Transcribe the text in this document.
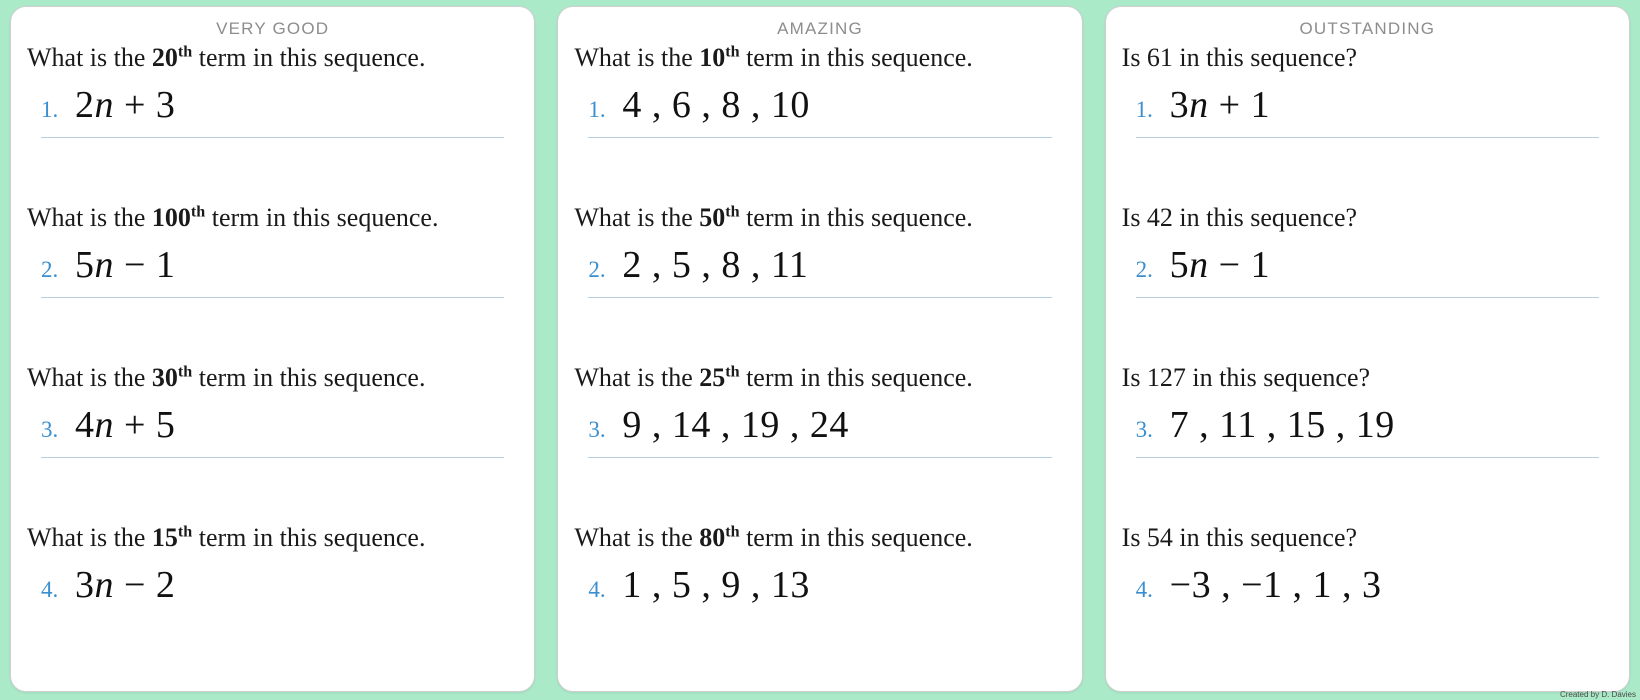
VERY GOOD
What is the 20th term in this sequence.
1. 2n + 3
What is the 100th term in this sequence.
2. 5n − 1
What is the 30th term in this sequence.
3. 4n + 5
What is the 15th term in this sequence.
4. 3n − 2
AMAZING
What is the 10th term in this sequence.
1. 4 , 6 , 8 , 10
What is the 50th term in this sequence.
2. 2 , 5 , 8 , 11
What is the 25th term in this sequence.
3. 9 , 14 , 19 , 24
What is the 80th term in this sequence.
4. 1 , 5 , 9 , 13
OUTSTANDING
Is 61 in this sequence?
1. 3n + 1
Is 42 in this sequence?
2. 5n − 1
Is 127 in this sequence?
3. 7 , 11 , 15 , 19
Is 54 in this sequence?
4. −3 , −1 , 1 , 3
Created by D. Davies
